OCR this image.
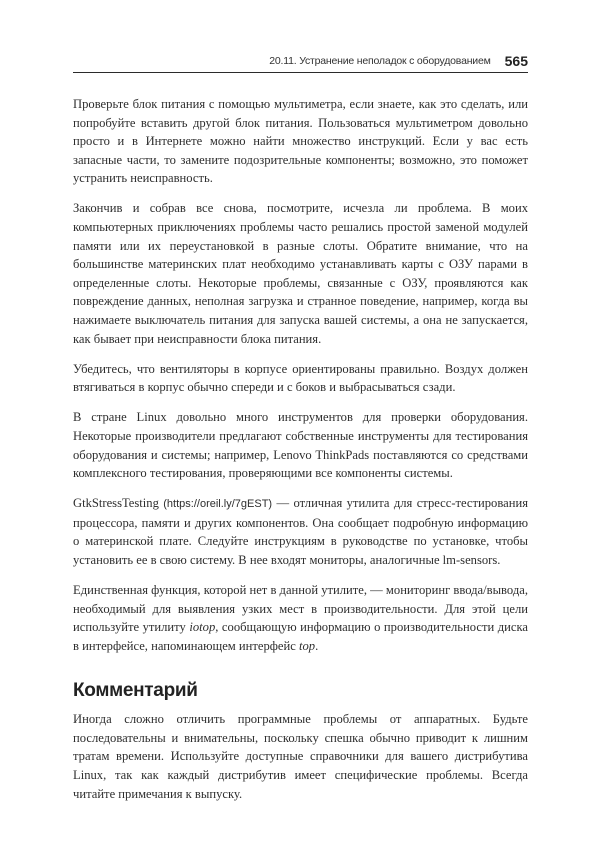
20.11. Устранение неполадок с оборудованием 565

Проверьте блок питания с помощью мультиметра, если знаете, как это сделать, или попробуйте вставить другой блок питания. Пользоваться мультиметром довольно просто и в Интернете можно найти множество инструкций. Если у вас есть запасные части, то замените подозрительные компоненты; возможно, это поможет устранить неисправность.

Закончив и собрав все снова, посмотрите, исчезла ли проблема. В моих компьютерных приключениях проблемы часто решались простой заменой модулей памяти или их переустановкой в разные слоты. Обратите внимание, что на большинстве материнских плат необходимо устанавливать карты с ОЗУ парами в определенные слоты. Некоторые проблемы, связанные с ОЗУ, проявляются как повреждение данных, неполная загрузка и странное поведение, например, когда вы нажимаете выключатель питания для запуска вашей системы, а она не запускается, как бывает при неисправности блока питания.

Убедитесь, что вентиляторы в корпусе ориентированы правильно. Воздух должен втягиваться в корпус обычно спереди и с боков и выбрасываться сзади.

В стране Linux довольно много инструментов для проверки оборудования. Некоторые производители предлагают собственные инструменты для тестирования оборудования и системы; например, Lenovo ThinkPads поставляются со средствами комплексного тестирования, проверяющими все компоненты системы.

GtkStressTesting (https://oreil.ly/7gEST) — отличная утилита для стресс-тестирования процессора, памяти и других компонентов. Она сообщает подробную информацию о материнской плате. Следуйте инструкциям в руководстве по установке, чтобы установить ее в свою систему. В нее входят мониторы, аналогичные lm-sensors.

Единственная функция, которой нет в данной утилите, — мониторинг ввода/вывода, необходимый для выявления узких мест в производительности. Для этой цели используйте утилиту iotop, сообщающую информацию о производительности диска в интерфейсе, напоминающем интерфейс top.

Комментарий

Иногда сложно отличить программные проблемы от аппаратных. Будьте последовательны и внимательны, поскольку спешка обычно приводит к лишним тратам времени. Используйте доступные справочники для вашего дистрибутива Linux, так как каждый дистрибутив имеет специфические проблемы. Всегда читайте примечания к выпуску.
